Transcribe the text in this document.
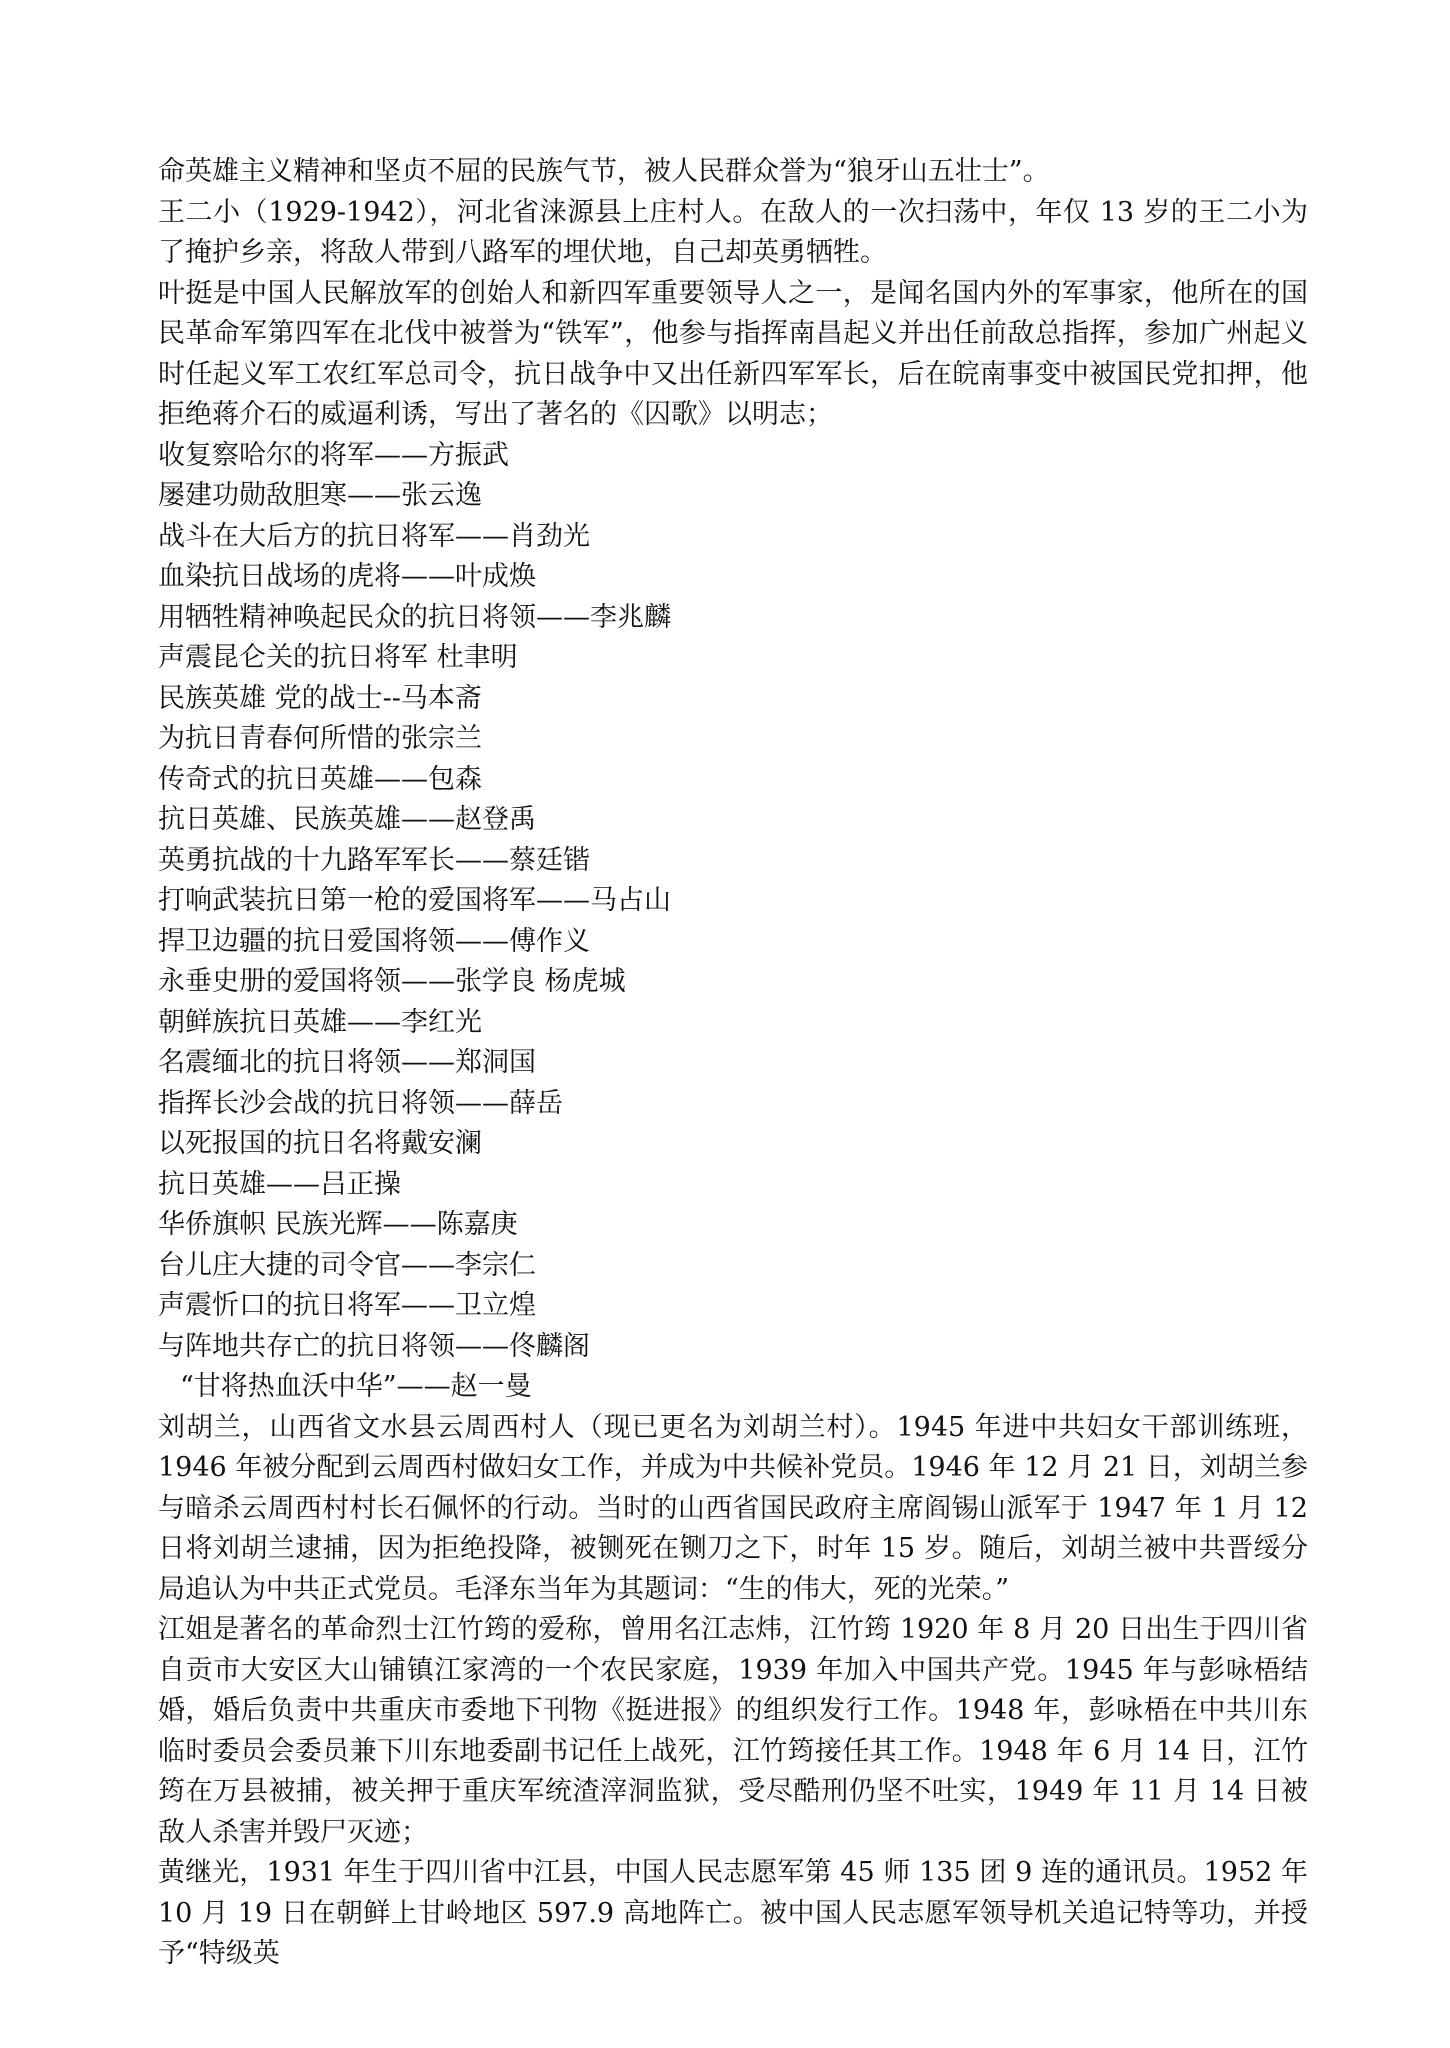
命英雄主义精神和坚贞不屈的民族气节，被人民群众誉为“狼牙山五壮士”。

王二小（1929-1942），河北省涞源县上庄村人。在敌人的一次扫荡中，年仅 13 岁的王二小为了掩护乡亲，将敌人带到八路军的埋伏地，自己却英勇牺牲。

叶挺是中国人民解放军的创始人和新四军重要领导人之一，是闻名国内外的军事家，他所在的国民革命军第四军在北伐中被誉为“铁军”，他参与指挥南昌起义并出任前敌总指挥，参加广州起义时任起义军工农红军总司令，抗日战争中又出任新四军军长，后在皖南事变中被国民党扣押，他拒绝蒋介石的威逼利诱，写出了著名的《囚歌》以明志；

收复察哈尔的将军——方振武

屡建功勋敌胆寒——张云逸

战斗在大后方的抗日将军——肖劲光

血染抗日战场的虎将——叶成焕

用牺牲精神唤起民众的抗日将领——李兆麟

声震昆仑关的抗日将军 杜聿明

民族英雄 党的战士--马本斋

为抗日青春何所惜的张宗兰

传奇式的抗日英雄——包森

抗日英雄、民族英雄——赵登禹

英勇抗战的十九路军军长——蔡廷锴

打响武装抗日第一枪的爱国将军——马占山

捍卫边疆的抗日爱国将领——傅作义

永垂史册的爱国将领——张学良 杨虎城

朝鲜族抗日英雄——李红光

名震缅北的抗日将领——郑洞国

指挥长沙会战的抗日将领——薛岳

以死报国的抗日名将戴安澜

抗日英雄——吕正操

华侨旗帜 民族光辉——陈嘉庚

台儿庄大捷的司令官——李宗仁

声震忻口的抗日将军——卫立煌

与阵地共存亡的抗日将领——佟麟阁

“甘将热血沃中华”——赵一曼

刘胡兰，山西省文水县云周西村人（现已更名为刘胡兰村）。1945 年进中共妇女干部训练班，1946 年被分配到云周西村做妇女工作，并成为中共候补党员。1946 年 12 月 21 日，刘胡兰参与暗杀云周西村村长石佩怀的行动。当时的山西省国民政府主席阎锡山派军于 1947 年 1 月 12 日将刘胡兰逮捕，因为拒绝投降，被铡死在铡刀之下，时年 15 岁。随后，刘胡兰被中共晋绥分局追认为中共正式党员。毛泽东当年为其题词：“生的伟大，死的光荣。”

江姐是著名的革命烈士江竹筠的爱称，曾用名江志炜，江竹筠 1920 年 8 月 20 日出生于四川省自贡市大安区大山铺镇江家湾的一个农民家庭，1939 年加入中国共产党。1945 年与彭咏梧结婚，婚后负责中共重庆市委地下刊物《挺进报》的组织发行工作。1948 年，彭咏梧在中共川东临时委员会委员兼下川东地委副书记任上战死，江竹筠接任其工作。1948 年 6 月 14 日，江竹筠在万县被捕，被关押于重庆军统渣滓洞监狱，受尽酷刑仍坚不吐实，1949 年 11 月 14 日被敌人杀害并毁尸灭迹；

黄继光，1931 年生于四川省中江县，中国人民志愿军第 45 师 135 团 9 连的通讯员。1952 年 10 月 19 日在朝鲜上甘岭地区 597.9 高地阵亡。被中国人民志愿军领导机关追记特等功，并授予“特级英
